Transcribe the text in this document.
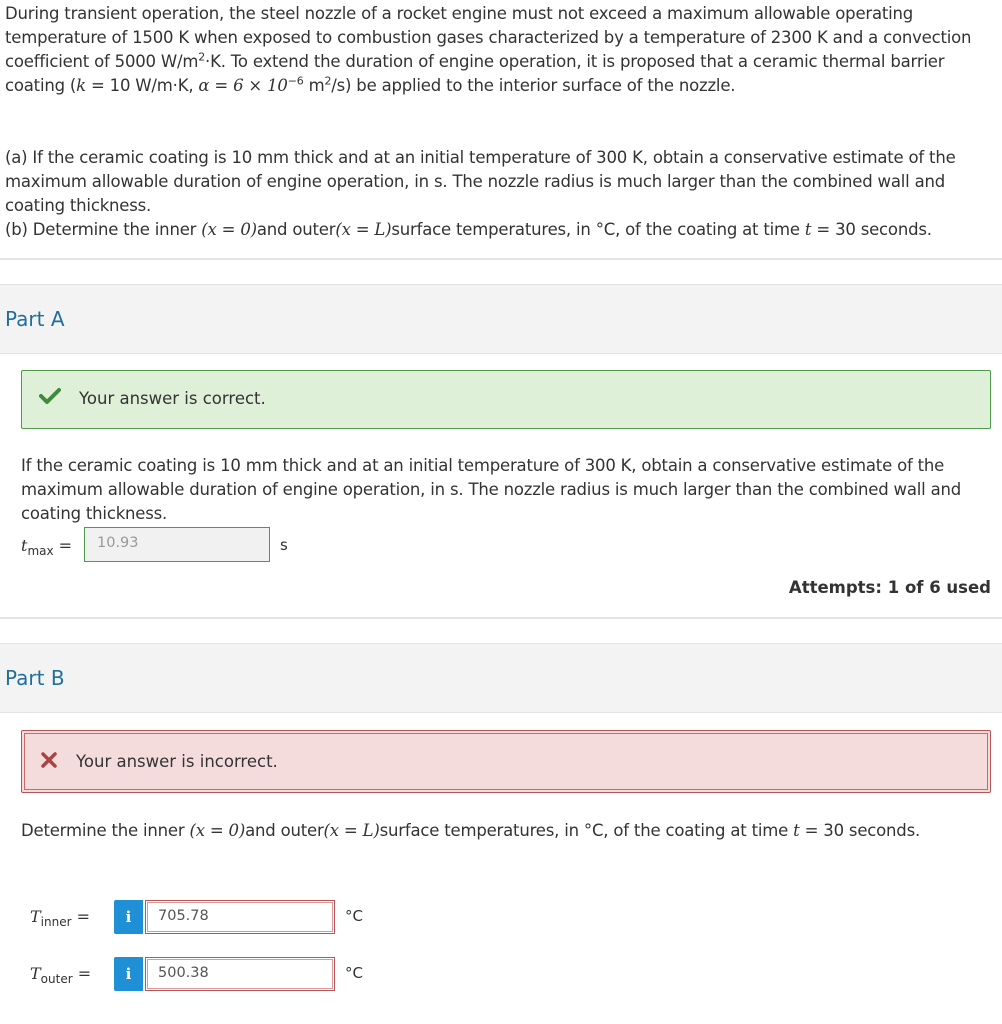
During transient operation, the steel nozzle of a rocket engine must not exceed a maximum allowable operating temperature of 1500 K when exposed to combustion gases characterized by a temperature of 2300 K and a convection coefficient of 5000 $W/m^2\cdot K$. To extend the duration of engine operation, it is proposed that a ceramic thermal barrier coating (k = 10 W/m·K, $\alpha = 6 \times 10^{-6}$ $m^2/s$) be applied to the interior surface of the nozzle.

(a) If the ceramic coating is 10 mm thick and at an initial temperature of 300 K, obtain a conservative estimate of the maximum allowable duration of engine operation, in s. The nozzle radius is much larger than the combined wall and coating thickness.
(b) Determine the inner (x = 0)and outer(x = L)surface temperatures, in °C, of the coating at time t = 30 seconds.
Part A
Your answer is correct.
If the ceramic coating is 10 mm thick and at an initial temperature of 300 K, obtain a conservative estimate of the maximum allowable duration of engine operation, in s. The nozzle radius is much larger than the combined wall and coating thickness.
$t_{max}$ =	10.93	s
Attempts: 1 of 6 used
Part B
Your answer is incorrect.
Determine the inner (x = 0)and outer(x = L)surface temperatures, in °C, of the coating at time t = 30 seconds.
$T_{inner}$ =	i	705.78	°C
$T_{outer}$ =	i	500.38	°C
